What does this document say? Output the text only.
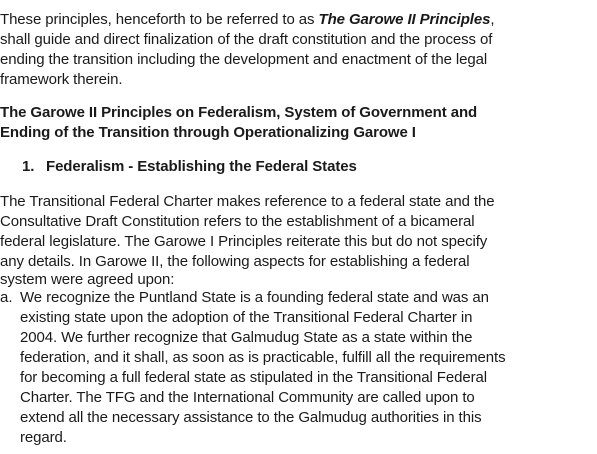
These principles, henceforth to be referred to as The Garowe II Principles,
shall guide and direct finalization of the draft constitution and the process of
ending the transition including the development and enactment of the legal
framework therein.
The Garowe II Principles on Federalism, System of Government and
Ending of the Transition through Operationalizing Garowe I
1. Federalism - Establishing the Federal States
The Transitional Federal Charter makes reference to a federal state and the
Consultative Draft Constitution refers to the establishment of a bicameral
federal legislature. The Garowe I Principles reiterate this but do not specify
any details. In Garowe II, the following aspects for establishing a federal
system were agreed upon:
a. We recognize the Puntland State is a founding federal state and was an
existing state upon the adoption of the Transitional Federal Charter in
2004. We further recognize that Galmudug State as a state within the
federation, and it shall, as soon as is practicable, fulfill all the requirements
for becoming a full federal state as stipulated in the Transitional Federal
Charter. The TFG and the International Community are called upon to
extend all the necessary assistance to the Galmudug authorities in this
regard.
